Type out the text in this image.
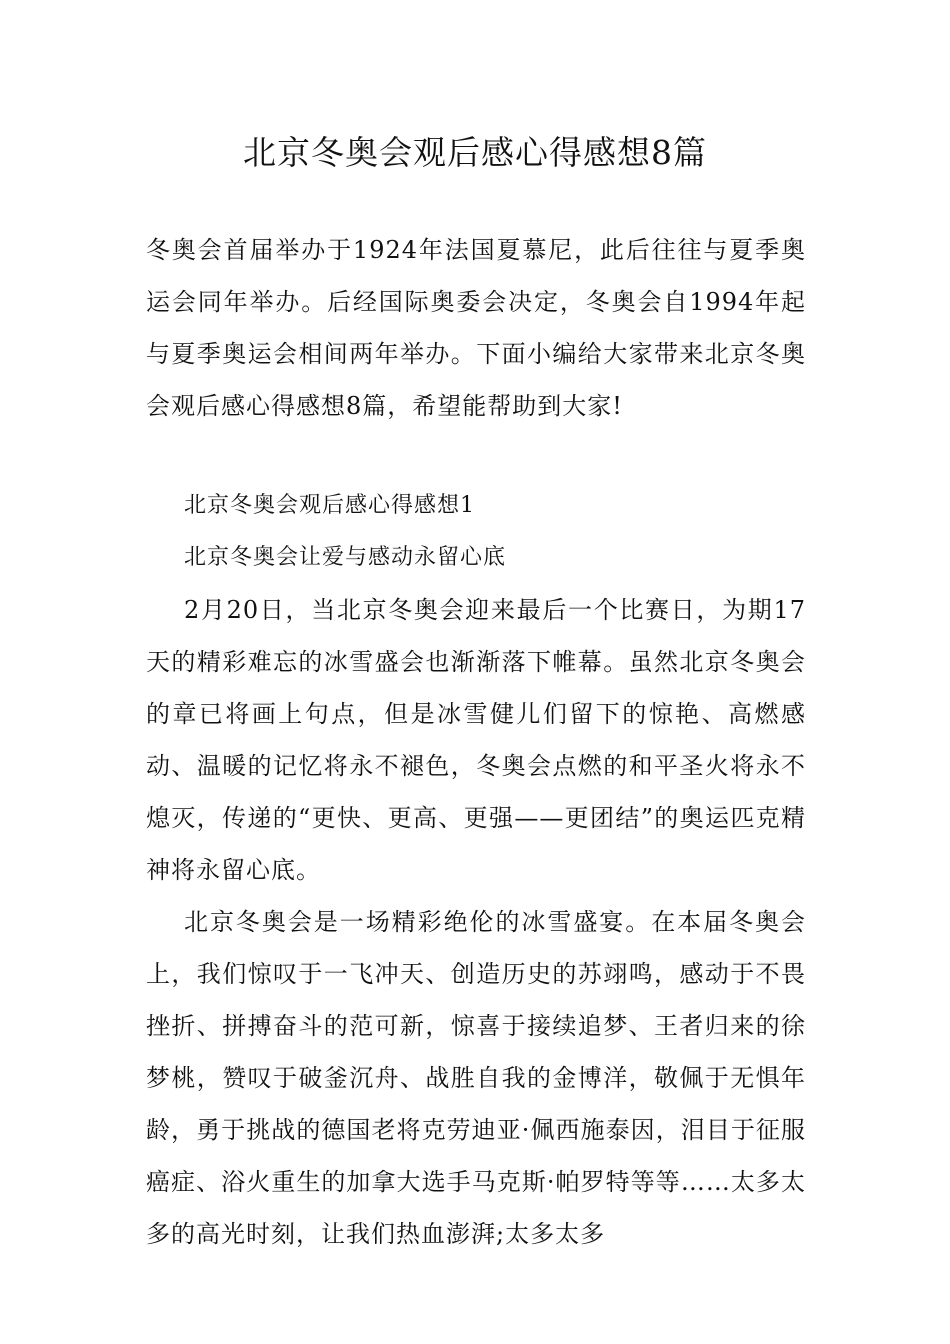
北京冬奥会观后感心得感想8篇

冬奥会首届举办于1924年法国夏慕尼，此后往往与夏季奥运会同年举办。后经国际奥委会决定，冬奥会自1994年起与夏季奥运会相间两年举办。下面小编给大家带来北京冬奥会观后感心得感想8篇，希望能帮助到大家!

北京冬奥会观后感心得感想1

北京冬奥会让爱与感动永留心底

2月20日，当北京冬奥会迎来最后一个比赛日，为期17天的精彩难忘的冰雪盛会也渐渐落下帷幕。虽然北京冬奥会的章已将画上句点，但是冰雪健儿们留下的惊艳、高燃感动、温暖的记忆将永不褪色，冬奥会点燃的和平圣火将永不熄灭，传递的“更快、更高、更强——更团结”的奥运匹克精神将永留心底。

北京冬奥会是一场精彩绝伦的冰雪盛宴。在本届冬奥会上，我们惊叹于一飞冲天、创造历史的苏翊鸣，感动于不畏挫折、拼搏奋斗的范可新，惊喜于接续追梦、王者归来的徐梦桃，赞叹于破釜沉舟、战胜自我的金博洋，敬佩于无惧年龄，勇于挑战的德国老将克劳迪亚·佩西施泰因，泪目于征服癌症、浴火重生的加拿大选手马克斯·帕罗特等等……太多太多的高光时刻，让我们热血澎湃;太多太多
